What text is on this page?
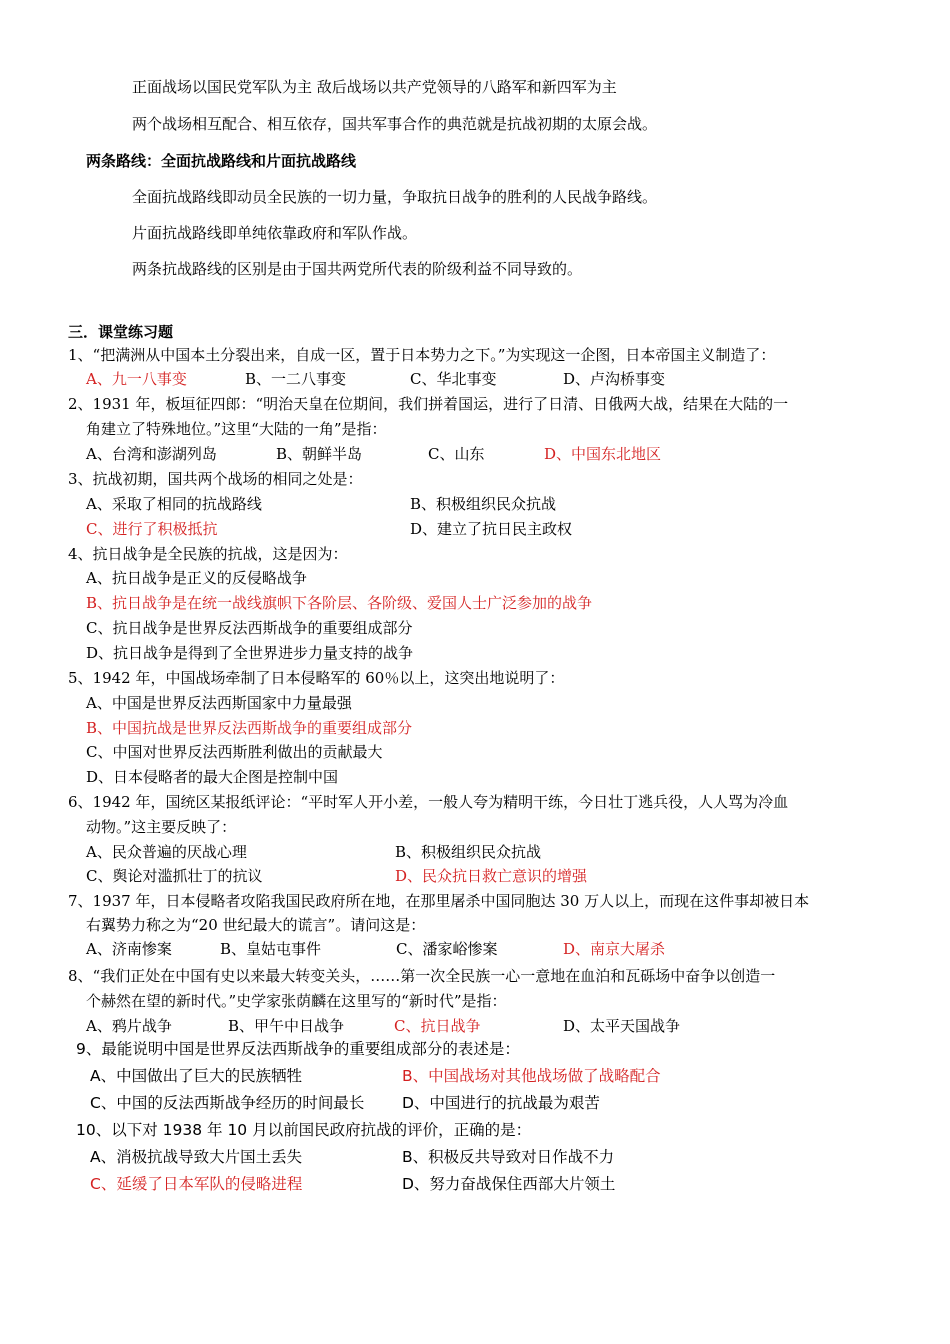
正面战场以国民党军队为主 敌后战场以共产党领导的八路军和新四军为主
两个战场相互配合、相互依存，国共军事合作的典范就是抗战初期的太原会战。
两条路线：全面抗战路线和片面抗战路线
全面抗战路线即动员全民族的一切力量，争取抗日战争的胜利的人民战争路线。
片面抗战路线即单纯依靠政府和军队作战。
两条抗战路线的区别是由于国共两党所代表的阶级利益不同导致的。
三．课堂练习题
1、“把满洲从中国本土分裂出来，自成一区，置于日本势力之下。”为实现这一企图，日本帝国主义制造了：
A、九一八事变	B、一二八事变	C、华北事变	D、卢沟桥事变
2、1931 年，板垣征四郎：“明治天皇在位期间，我们拼着国运，进行了日清、日俄两大战，结果在大陆的一
角建立了特殊地位。”这里“大陆的一角”是指：
A、台湾和澎湖列岛	B、朝鲜半岛	C、山东	D、中国东北地区
3、抗战初期，国共两个战场的相同之处是：
A、采取了相同的抗战路线	B、积极组织民众抗战
C、进行了积极抵抗	D、建立了抗日民主政权
4、抗日战争是全民族的抗战，这是因为：
A、抗日战争是正义的反侵略战争
B、抗日战争是在统一战线旗帜下各阶层、各阶级、爱国人士广泛参加的战争
C、抗日战争是世界反法西斯战争的重要组成部分
D、抗日战争是得到了全世界进步力量支持的战争
5、1942 年，中国战场牵制了日本侵略军的 60％以上，这突出地说明了：
A、中国是世界反法西斯国家中力量最强
B、中国抗战是世界反法西斯战争的重要组成部分
C、中国对世界反法西斯胜利做出的贡献最大
D、日本侵略者的最大企图是控制中国
6、1942 年，国统区某报纸评论：“平时军人开小差，一般人夸为精明干练，今日壮丁逃兵役，人人骂为冷血
动物。”这主要反映了：
A、民众普遍的厌战心理	B、积极组织民众抗战
C、舆论对滥抓壮丁的抗议	D、民众抗日救亡意识的增强
7、1937 年，日本侵略者攻陷我国民政府所在地，在那里屠杀中国同胞达 30 万人以上，而现在这件事却被日本
右翼势力称之为“20 世纪最大的谎言”。请问这是：
A、济南惨案	B、皇姑屯事件	C、潘家峪惨案	D、南京大屠杀
8、“我们正处在中国有史以来最大转变关头，……第一次全民族一心一意地在血泊和瓦砾场中奋争以创造一
个赫然在望的新时代。”史学家张荫麟在这里写的“新时代”是指：
A、鸦片战争	B、甲午中日战争	C、抗日战争	D、太平天国战争
9、最能说明中国是世界反法西斯战争的重要组成部分的表述是：
A、中国做出了巨大的民族牺牲	B、中国战场对其他战场做了战略配合
C、中国的反法西斯战争经历的时间最长 D、中国进行的抗战最为艰苦
10、以下对 1938 年 10 月以前国民政府抗战的评价，正确的是：
A、消极抗战导致大片国土丢失	B、积极反共导致对日作战不力
C、延缓了日本军队的侵略进程	D、努力奋战保住西部大片领土
